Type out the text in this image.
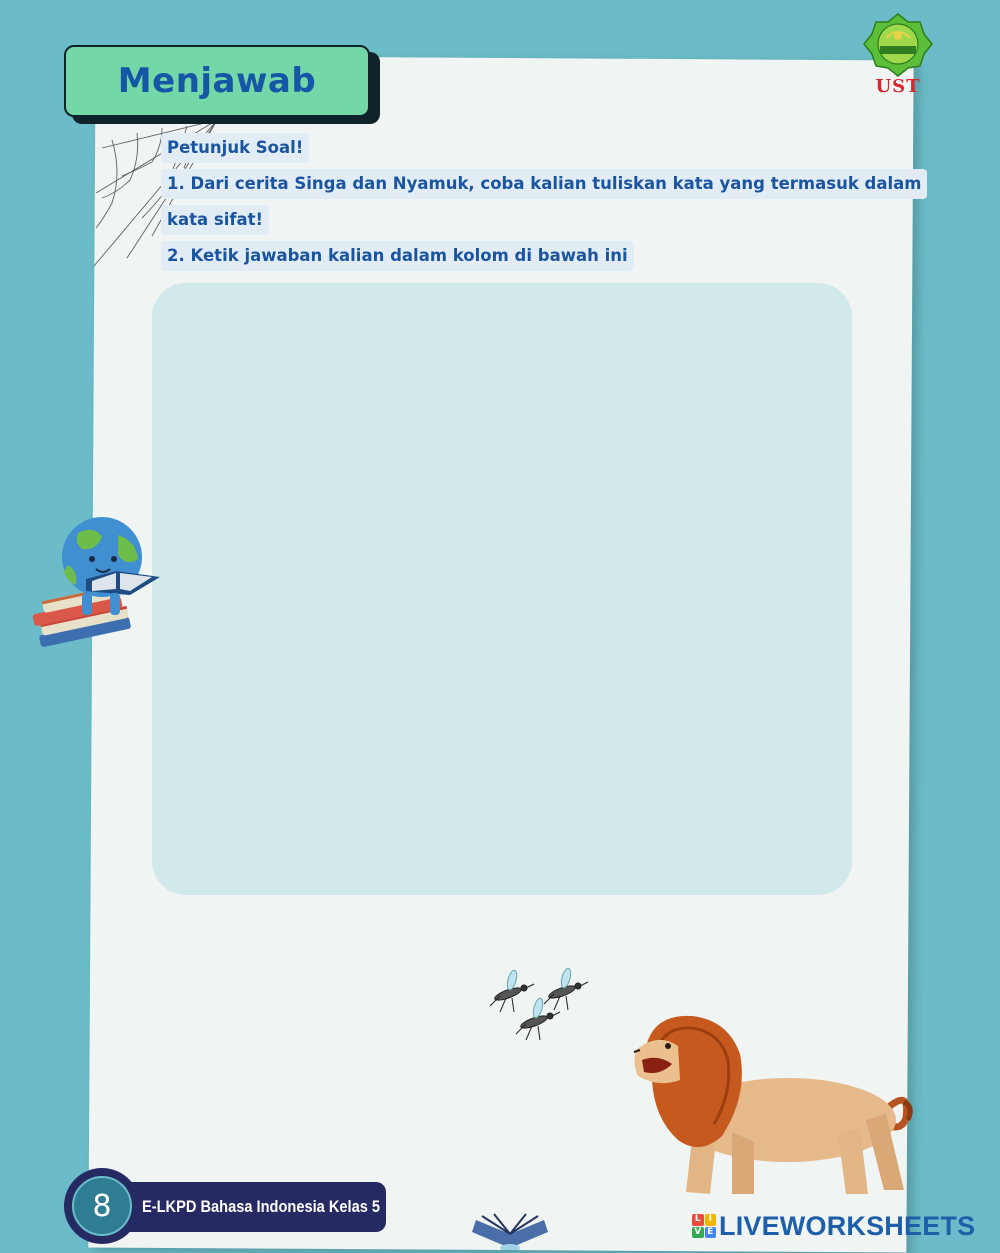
Menjawab	UST
Petunjuk Soal!
1. Dari cerita Singa dan Nyamuk, coba kalian tuliskan kata yang termasuk dalam
kata sifat!
2. Ketik jawaban kalian dalam kolom di bawah ini
E-LKPD Bahasa Indonesia Kelas 5
8	L I
V E LIVEWORKSHEETS
